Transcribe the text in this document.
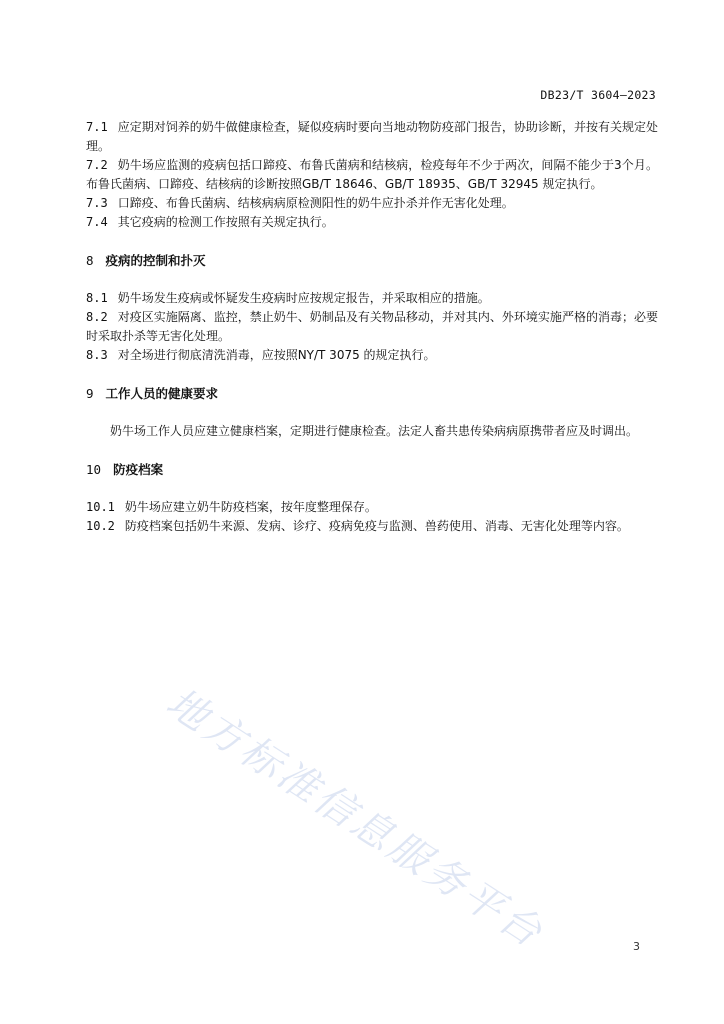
DB23/T 3604—2023

7.1 应定期对饲养的奶牛做健康检查，疑似疫病时要向当地动物防疫部门报告，协助诊断，并按有关规定处理。

7.2 奶牛场应监测的疫病包括口蹄疫、布鲁氏菌病和结核病，检疫每年不少于两次，间隔不能少于3个月。布鲁氏菌病、口蹄疫、结核病的诊断按照GB/T 18646、GB/T 18935、GB/T 32945 规定执行。

7.3 口蹄疫、布鲁氏菌病、结核病病原检测阳性的奶牛应扑杀并作无害化处理。

7.4 其它疫病的检测工作按照有关规定执行。

8 疫病的控制和扑灭

8.1 奶牛场发生疫病或怀疑发生疫病时应按规定报告，并采取相应的措施。

8.2 对疫区实施隔离、监控，禁止奶牛、奶制品及有关物品移动，并对其内、外环境实施严格的消毒；必要时采取扑杀等无害化处理。

8.3 对全场进行彻底清洗消毒，应按照NY/T 3075 的规定执行。

9 工作人员的健康要求

奶牛场工作人员应建立健康档案，定期进行健康检查。法定人畜共患传染病病原携带者应及时调出。

10 防疫档案

10.1 奶牛场应建立奶牛防疫档案，按年度整理保存。

10.2 防疫档案包括奶牛来源、发病、诊疗、疫病免疫与监测、兽药使用、消毒、无害化处理等内容。

地方标准信息服务平台	3
